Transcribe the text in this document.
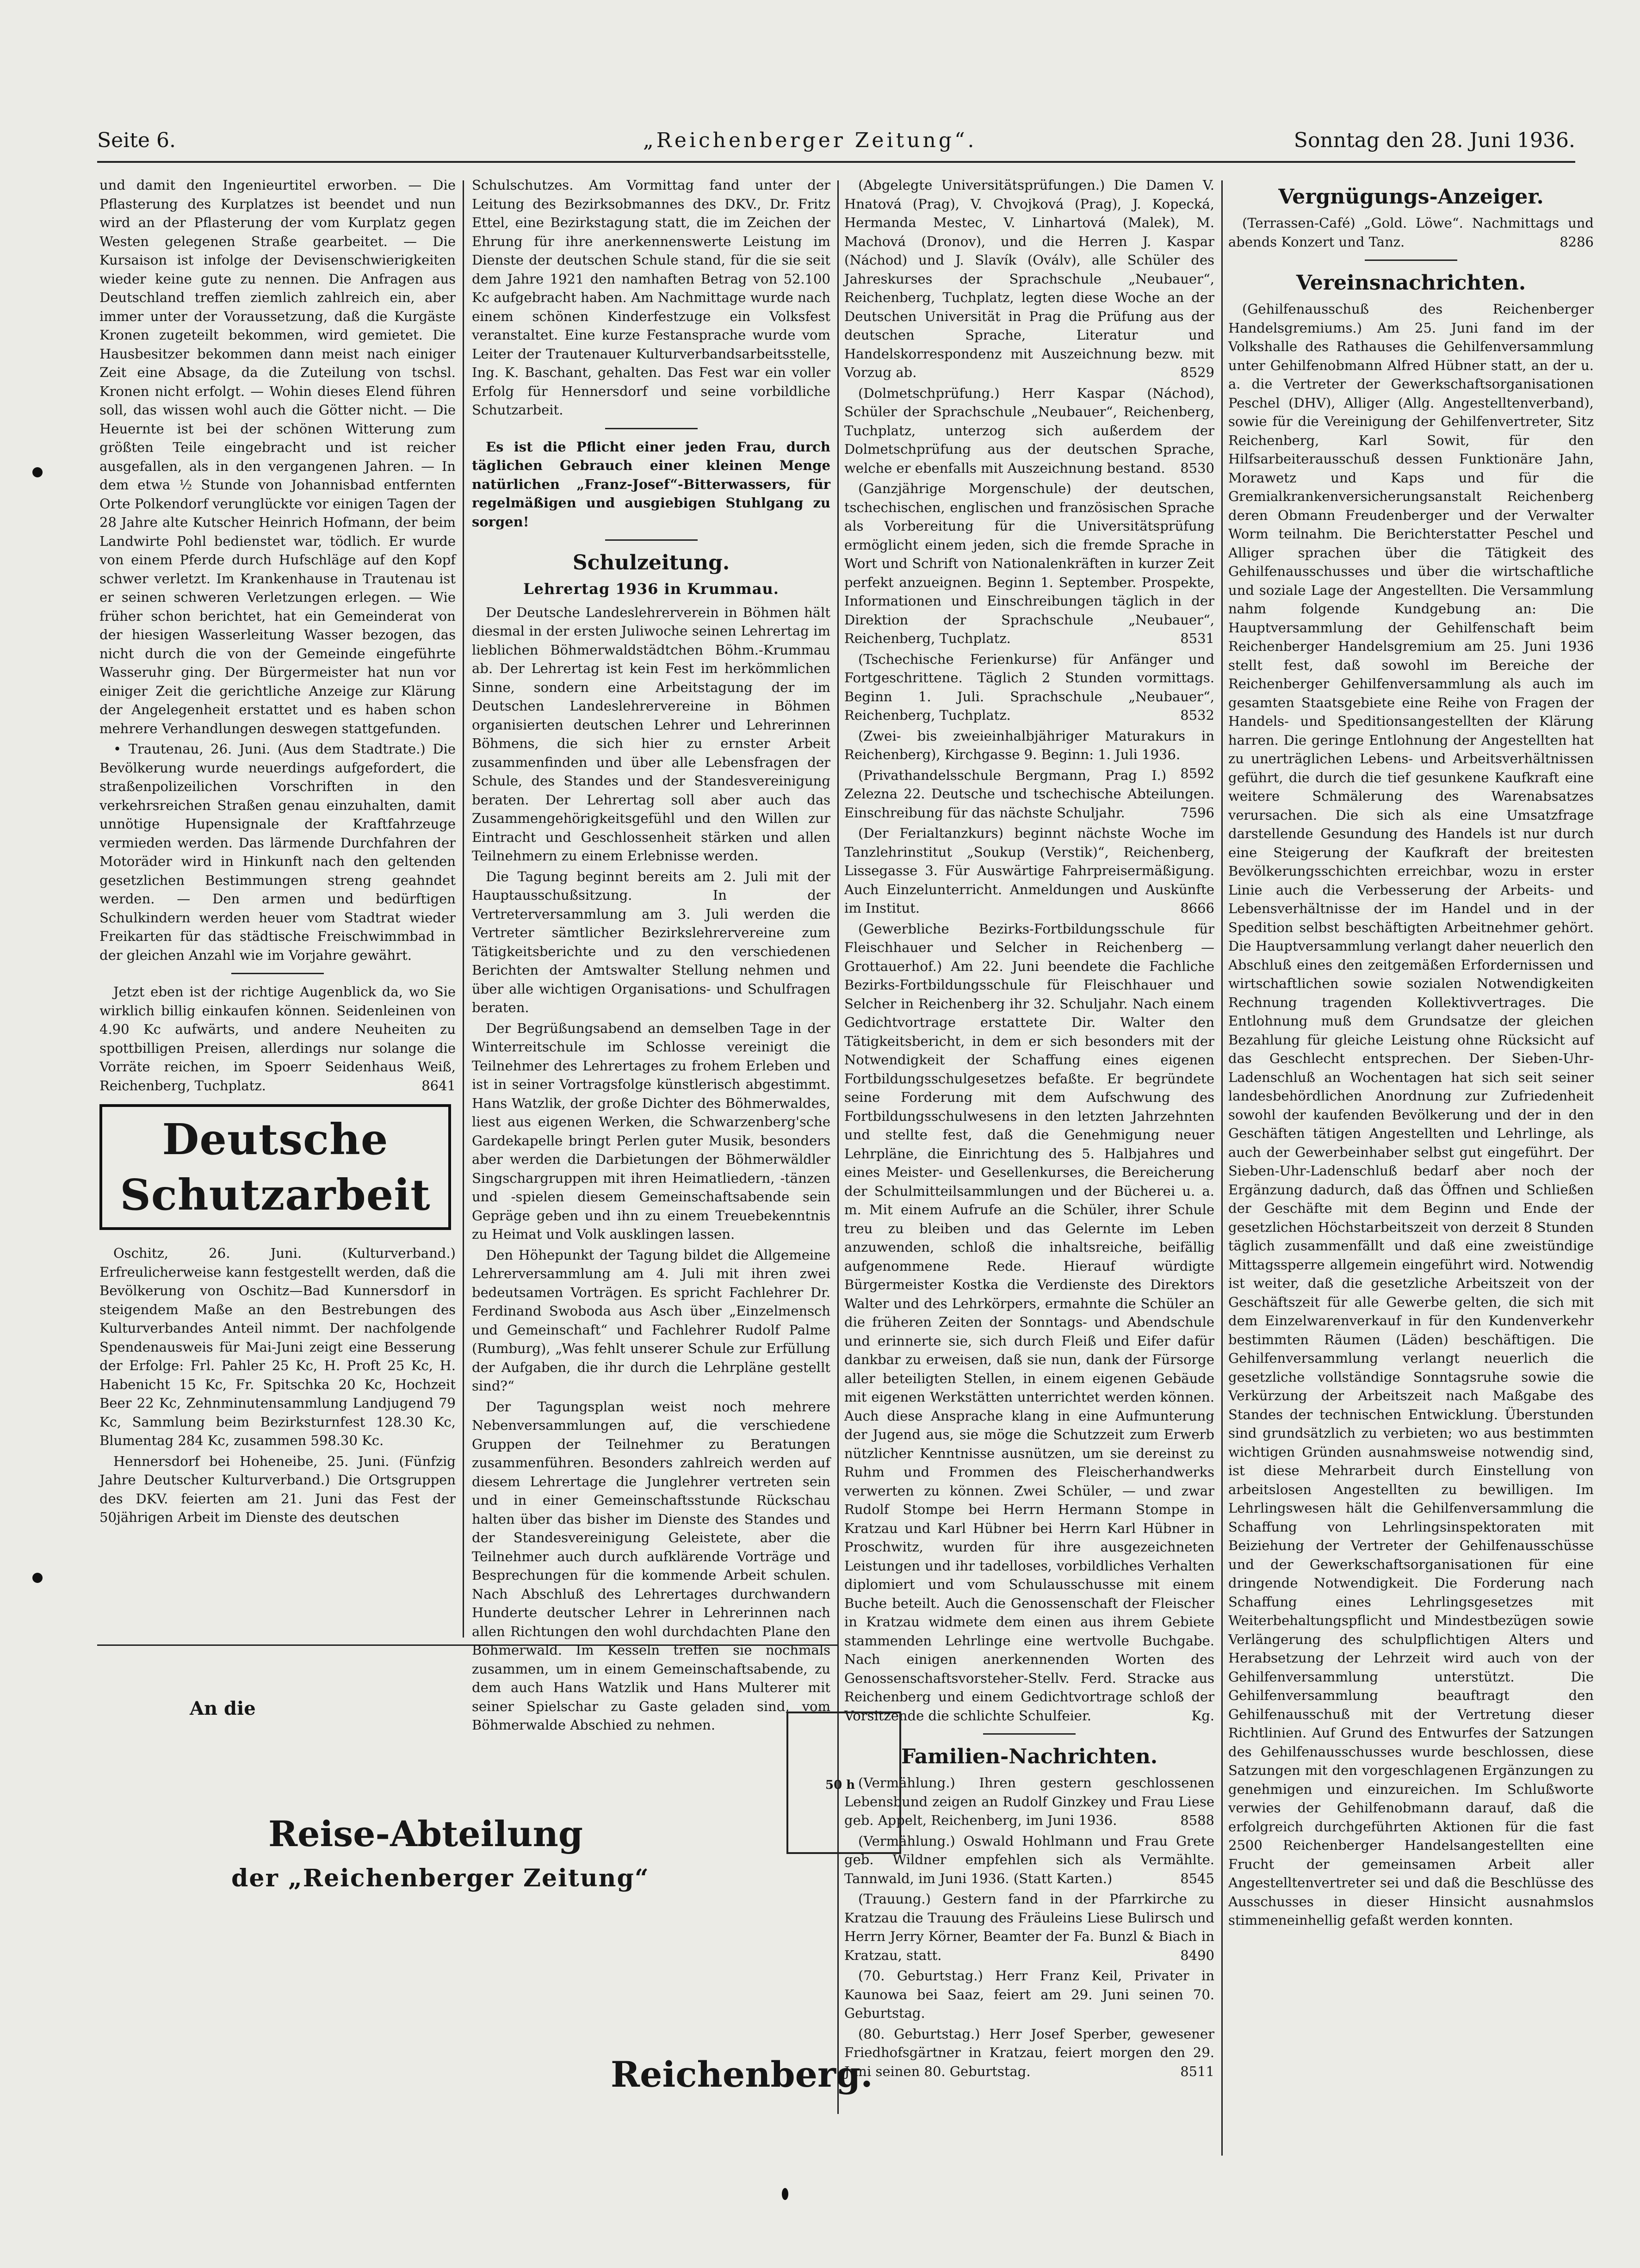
Seite 6.	„Reichenberger Zeitung“.	Sonntag den 28. Juni 1936.

und damit den Ingenieurtitel erworben. — Die Pflasterung des Kurplatzes ist beendet und nun wird an der Pflasterung der vom Kurplatz gegen Westen gelegenen Straße gearbeitet. — Die Kursaison ist infolge der Devisenschwierigkeiten wieder keine gute zu nennen. Die Anfragen aus Deutschland treffen ziemlich zahlreich ein, aber immer unter der Voraussetzung, daß die Kurgäste Kronen zugeteilt bekommen, wird gemietet. Die Hausbesitzer bekommen dann meist nach einiger Zeit eine Absage, da die Zuteilung von tschsl. Kronen nicht erfolgt. — Wohin dieses Elend führen soll, das wissen wohl auch die Götter nicht. — Die Heuernte ist bei der schönen Witterung zum größten Teile eingebracht und ist reicher ausgefallen, als in den vergangenen Jahren. — In dem etwa ½ Stunde von Johannisbad entfernten Orte Polkendorf verunglückte vor einigen Tagen der 28 Jahre alte Kutscher Heinrich Hofmann, der beim Landwirte Pohl bedienstet war, tödlich. Er wurde von einem Pferde durch Hufschläge auf den Kopf schwer verletzt. Im Krankenhause in Trautenau ist er seinen schweren Verletzungen erlegen. — Wie früher schon berichtet, hat ein Gemeinderat von der hiesigen Wasserleitung Wasser bezogen, das nicht durch die von der Gemeinde eingeführte Wasseruhr ging. Der Bürgermeister hat nun vor einiger Zeit die gerichtliche Anzeige zur Klärung der Angelegenheit erstattet und es haben schon mehrere Verhandlungen deswegen stattgefunden.

• Trautenau, 26. Juni. (Aus dem Stadtrate.) Die Bevölkerung wurde neuerdings aufgefordert, die straßenpolizeilichen Vorschriften in den verkehrsreichen Straßen genau einzuhalten, damit unnötige Hupensignale der Kraftfahrzeuge vermieden werden. Das lärmende Durchfahren der Motoräder wird in Hinkunft nach den geltenden gesetzlichen Bestimmungen streng geahndet werden. — Den armen und bedürftigen Schulkindern werden heuer vom Stadtrat wieder Freikarten für das städtische Freischwimmbad in der gleichen Anzahl wie im Vorjahre gewährt.

Jetzt eben ist der richtige Augenblick da, wo Sie wirklich billig einkaufen können. Seidenleinen von 4.90 Kc aufwärts, und andere Neuheiten zu spottbilligen Preisen, allerdings nur solange die Vorräte reichen, im Spoerr Seidenhaus Weiß, Reichenberg, Tuchplatz.	8641

Deutsche Schutzarbeit

Oschitz, 26. Juni. (Kulturverband.) Erfreulicherweise kann festgestellt werden, daß die Bevölkerung von Oschitz—Bad Kunnersdorf in steigendem Maße an den Bestrebungen des Kulturverbandes Anteil nimmt. Der nachfolgende Spendenausweis für Mai-Juni zeigt eine Besserung der Erfolge: Frl. Pahler 25 Kc, H. Proft 25 Kc, H. Habenicht 15 Kc, Fr. Spitschka 20 Kc, Hochzeit Beer 22 Kc, Zehnminutensammlung Landjugend 79 Kc, Sammlung beim Bezirksturnfest 128.30 Kc, Blumentag 284 Kc, zusammen 598.30 Kc.

Hennersdorf bei Hoheneibe, 25. Juni. (Fünfzig Jahre Deutscher Kulturverband.) Die Ortsgruppen des DKV. feierten am 21. Juni das Fest der 50jährigen Arbeit im Dienste des deutschen

Schulschutzes. Am Vormittag fand unter der Leitung des Bezirksobmannes des DKV., Dr. Fritz Ettel, eine Bezirkstagung statt, die im Zeichen der Ehrung für ihre anerkennenswerte Leistung im Dienste der deutschen Schule stand, für die sie seit dem Jahre 1921 den namhaften Betrag von 52.100 Kc aufgebracht haben. Am Nachmittage wurde nach einem schönen Kinderfestzuge ein Volksfest veranstaltet. Eine kurze Festansprache wurde vom Leiter der Trautenauer Kulturverbandsarbeitsstelle, Ing. K. Baschant, gehalten. Das Fest war ein voller Erfolg für Hennersdorf und seine vorbildliche Schutzarbeit.

Es ist die Pflicht einer jeden Frau, durch täglichen Gebrauch einer kleinen Menge natürlichen „Franz-Josef“-Bitterwassers, für regelmäßigen und ausgiebigen Stuhlgang zu sorgen!

Schulzeitung.
Lehrertag 1936 in Krummau.

Der Deutsche Landeslehrerverein in Böhmen hält diesmal in der ersten Juliwoche seinen Lehrertag im lieblichen Böhmerwaldstädtchen Böhm.-Krummau ab. Der Lehrertag ist kein Fest im herkömmlichen Sinne, sondern eine Arbeitstagung der im Deutschen Landeslehrervereine in Böhmen organisierten deutschen Lehrer und Lehrerinnen Böhmens, die sich hier zu ernster Arbeit zusammenfinden und über alle Lebensfragen der Schule, des Standes und der Standesvereinigung beraten. Der Lehrertag soll aber auch das Zusammengehörigkeitsgefühl und den Willen zur Eintracht und Geschlossenheit stärken und allen Teilnehmern zu einem Erlebnisse werden.

Die Tagung beginnt bereits am 2. Juli mit der Hauptausschußsitzung. In der Vertreterversammlung am 3. Juli werden die Vertreter sämtlicher Bezirkslehrervereine zum Tätigkeitsberichte und zu den verschiedenen Berichten der Amtswalter Stellung nehmen und über alle wichtigen Organisations- und Schulfragen beraten.

Der Begrüßungsabend an demselben Tage in der Winterreitschule im Schlosse vereinigt die Teilnehmer des Lehrertages zu frohem Erleben und ist in seiner Vortragsfolge künstlerisch abgestimmt. Hans Watzlik, der große Dichter des Böhmerwaldes, liest aus eigenen Werken, die Schwarzenberg'sche Gardekapelle bringt Perlen guter Musik, besonders aber werden die Darbietungen der Böhmerwäldler Singschargruppen mit ihren Heimatliedern, -tänzen und -spielen diesem Gemeinschaftsabende sein Gepräge geben und ihn zu einem Treuebekenntnis zu Heimat und Volk ausklingen lassen.

Den Höhepunkt der Tagung bildet die Allgemeine Lehrerversammlung am 4. Juli mit ihren zwei bedeutsamen Vorträgen. Es spricht Fachlehrer Dr. Ferdinand Swoboda aus Asch über „Einzelmensch und Gemeinschaft“ und Fachlehrer Rudolf Palme (Rumburg), „Was fehlt unserer Schule zur Erfüllung der Aufgaben, die ihr durch die Lehrpläne gestellt sind?“

Der Tagungsplan weist noch mehrere Nebenversammlungen auf, die verschiedene Gruppen der Teilnehmer zu Beratungen zusammenführen. Besonders zahlreich werden auf diesem Lehrertage die Junglehrer vertreten sein und in einer Gemeinschaftsstunde Rückschau halten über das bisher im Dienste des Standes und der Standesvereinigung Geleistete, aber die Teilnehmer auch durch aufklärende Vorträge und Besprechungen für die kommende Arbeit schulen. Nach Abschluß des Lehrertages durchwandern Hunderte deutscher Lehrer in Lehrerinnen nach allen Richtungen den wohl durchdachten Plane den Böhmerwald. Im Kesseln treffen sie nochmals zusammen, um in einem Gemeinschaftsabende, zu dem auch Hans Watzlik und Hans Multerer mit seiner Spielschar zu Gaste geladen sind, vom Böhmerwalde Abschied zu nehmen.

(Abgelegte Universitätsprüfungen.) Die Damen V. Hnatová (Prag), V. Chvojková (Prag), J. Kopecká, Hermanda Mestec, V. Linhartová (Malek), M. Machová (Dronov), und die Herren J. Kaspar (Náchod) und J. Slavík (Oválv), alle Schüler des Jahreskurses der Sprachschule „Neubauer“, Reichenberg, Tuchplatz, legten diese Woche an der Deutschen Universität in Prag die Prüfung aus der deutschen Sprache, Literatur und Handelskorrespondenz mit Auszeichnung bezw. mit Vorzug ab.	8529

(Dolmetschprüfung.) Herr Kaspar (Náchod), Schüler der Sprachschule „Neubauer“, Reichenberg, Tuchplatz, unterzog sich außerdem der Dolmetschprüfung aus der deutschen Sprache, welche er ebenfalls mit Auszeichnung bestand.	8530

(Ganzjährige Morgenschule) der deutschen, tschechischen, englischen und französischen Sprache als Vorbereitung für die Universitätsprüfung ermöglicht einem jeden, sich die fremde Sprache in Wort und Schrift von Nationalenkräften in kurzer Zeit perfekt anzueignen. Beginn 1. September. Prospekte, Informationen und Einschreibungen täglich in der Direktion der Sprachschule „Neubauer“, Reichenberg, Tuchplatz.	8531

(Tschechische Ferienkurse) für Anfänger und Fortgeschrittene. Täglich 2 Stunden vormittags. Beginn 1. Juli. Sprachschule „Neubauer“, Reichenberg, Tuchplatz.	8532

(Zwei- bis zweieinhalbjähriger Maturakurs in Reichenberg), Kirchgasse 9. Beginn: 1. Juli 1936.
8592

(Privathandelsschule Bergmann, Prag I.) Zelezna 22. Deutsche und tschechische Abteilungen. Einschreibung für das nächste Schuljahr.	7596

(Der Ferialtanzkurs) beginnt nächste Woche im Tanzlehrinstitut „Soukup (Verstik)“, Reichenberg, Lissegasse 3. Für Auswärtige Fahrpreisermäßigung. Auch Einzelunterricht. Anmeldungen und Auskünfte im Institut.	8666

(Gewerbliche Bezirks-Fortbildungsschule für Fleischhauer und Selcher in Reichenberg — Grottauerhof.) Am 22. Juni beendete die Fachliche Bezirks-Fortbildungsschule für Fleischhauer und Selcher in Reichenberg ihr 32. Schuljahr. Nach einem Gedichtvortrage erstattete Dir. Walter den Tätigkeitsbericht, in dem er sich besonders mit der Notwendigkeit der Schaffung eines eigenen Fortbildungsschulgesetzes befaßte. Er begründete seine Forderung mit dem Aufschwung des Fortbildungsschulwesens in den letzten Jahrzehnten und stellte fest, daß die Genehmigung neuer Lehrpläne, die Einrichtung des 5. Halbjahres und eines Meister- und Gesellenkurses, die Bereicherung der Schulmitteilsammlungen und der Bücherei u. a. m. Mit einem Aufrufe an die Schüler, ihrer Schule treu zu bleiben und das Gelernte im Leben anzuwenden, schloß die inhaltsreiche, beifällig aufgenommene Rede. Hierauf würdigte Bürgermeister Kostka die Verdienste des Direktors Walter und des Lehrkörpers, ermahnte die Schüler an die früheren Zeiten der Sonntags- und Abendschule und erinnerte sie, sich durch Fleiß und Eifer dafür dankbar zu erweisen, daß sie nun, dank der Fürsorge aller beteiligten Stellen, in einem eigenen Gebäude mit eigenen Werkstätten unterrichtet werden können. Auch diese Ansprache klang in eine Aufmunterung der Jugend aus, sie möge die Schutzzeit zum Erwerb nützlicher Kenntnisse ausnützen, um sie dereinst zu Ruhm und Frommen des Fleischerhandwerks verwerten zu können. Zwei Schüler, — und zwar Rudolf Stompe bei Herrn Hermann Stompe in Kratzau und Karl Hübner bei Herrn Karl Hübner in Proschwitz, wurden für ihre ausgezeichneten Leistungen und ihr tadelloses, vorbildliches Verhalten diplomiert und vom Schulausschusse mit einem Buche beteilt. Auch die Genossenschaft der Fleischer in Kratzau widmete dem einen aus ihrem Gebiete stammenden Lehrlinge eine wertvolle Buchgabe. Nach einigen anerkennenden Worten des Genossenschaftsvorsteher-Stellv. Ferd. Stracke aus Reichenberg und einem Gedichtvortrage schloß der Vorsitzende die schlichte Schulfeier.	Kg.

Familien-Nachrichten.

(Vermählung.) Ihren gestern geschlossenen Lebensbund zeigen an Rudolf Ginzkey und Frau Liese geb. Appelt, Reichenberg, im Juni 1936.	8588

(Vermählung.) Oswald Hohlmann und Frau Grete geb. Wildner empfehlen sich als Vermählte. Tannwald, im Juni 1936. (Statt Karten.)	8545

(Trauung.) Gestern fand in der Pfarrkirche zu Kratzau die Trauung des Fräuleins Liese Bulirsch und Herrn Jerry Körner, Beamter der Fa. Bunzl & Biach in Kratzau, statt.	8490

(70. Geburtstag.) Herr Franz Keil, Privater in Kaunowa bei Saaz, feiert am 29. Juni seinen 70. Geburtstag.

(80. Geburtstag.) Herr Josef Sperber, gewesener Friedhofsgärtner in Kratzau, feiert morgen den 29. Juni seinen 80. Geburtstag.	8511

Vergnügungs-Anzeiger.

(Terrassen-Café) „Gold. Löwe“. Nachmittags und abends Konzert und Tanz.	8286

Vereinsnachrichten.

(Gehilfenausschuß des Reichenberger Handelsgremiums.) Am 25. Juni fand im der Volkshalle des Rathauses die Gehilfenversammlung unter Gehilfenobmann Alfred Hübner statt, an der u. a. die Vertreter der Gewerkschaftsorganisationen Peschel (DHV), Alliger (Allg. Angestelltenverband), sowie für die Vereinigung der Gehilfenvertreter, Sitz Reichenberg, Karl Sowit, für den Hilfsarbeiterausschuß dessen Funktionäre Jahn, Morawetz und Kaps und für die Gremialkrankenversicherungsanstalt Reichenberg deren Obmann Freudenberger und der Verwalter Worm teilnahm. Die Berichterstatter Peschel und Alliger sprachen über die Tätigkeit des Gehilfenausschusses und über die wirtschaftliche und soziale Lage der Angestellten. Die Versammlung nahm folgende Kundgebung an: Die Hauptversammlung der Gehilfenschaft beim Reichenberger Handelsgremium am 25. Juni 1936 stellt fest, daß sowohl im Bereiche der Reichenberger Gehilfenversammlung als auch im gesamten Staatsgebiete eine Reihe von Fragen der Handels- und Speditionsangestellten der Klärung harren. Die geringe Entlohnung der Angestellten hat zu unerträglichen Lebens- und Arbeitsverhältnissen geführt, die durch die tief gesunkene Kaufkraft eine weitere Schmälerung des Warenabsatzes verursachen. Die sich als eine Umsatzfrage darstellende Gesundung des Handels ist nur durch eine Steigerung der Kaufkraft der breitesten Bevölkerungsschichten erreichbar, wozu in erster Linie auch die Verbesserung der Arbeits- und Lebensverhältnisse der im Handel und in der Spedition selbst beschäftigten Arbeitnehmer gehört. Die Hauptversammlung verlangt daher neuerlich den Abschluß eines den zeitgemäßen Erfordernissen und wirtschaftlichen sowie sozialen Notwendigkeiten Rechnung tragenden Kollektivvertrages. Die Entlohnung muß dem Grundsatze der gleichen Bezahlung für gleiche Leistung ohne Rücksicht auf das Geschlecht entsprechen. Der Sieben-Uhr-Ladenschluß an Wochentagen hat sich seit seiner landesbehördlichen Anordnung zur Zufriedenheit sowohl der kaufenden Bevölkerung und der in den Geschäften tätigen Angestellten und Lehrlinge, als auch der Gewerbeinhaber selbst gut eingeführt. Der Sieben-Uhr-Ladenschluß bedarf aber noch der Ergänzung dadurch, daß das Öffnen und Schließen der Geschäfte mit dem Beginn und Ende der gesetzlichen Höchstarbeitszeit von derzeit 8 Stunden täglich zusammenfällt und daß eine zweistündige Mittagssperre allgemein eingeführt wird. Notwendig ist weiter, daß die gesetzliche Arbeitszeit von der Geschäftszeit für alle Gewerbe gelten, die sich mit dem Einzelwarenverkauf in für den Kundenverkehr bestimmten Räumen (Läden) beschäftigen. Die Gehilfenversammlung verlangt neuerlich die gesetzliche vollständige Sonntagsruhe sowie die Verkürzung der Arbeitszeit nach Maßgabe des Standes der technischen Entwicklung. Überstunden sind grundsätzlich zu verbieten; wo aus bestimmten wichtigen Gründen ausnahmsweise notwendig sind, ist diese Mehrarbeit durch Einstellung von arbeitslosen Angestellten zu bewilligen. Im Lehrlingswesen hält die Gehilfenversammlung die Schaffung von Lehrlingsinspektoraten mit Beiziehung der Vertreter der Gehilfenausschüsse und der Gewerkschaftsorganisationen für eine dringende Notwendigkeit. Die Forderung nach Schaffung eines Lehrlingsgesetzes mit Weiterbehaltungspflicht und Mindestbezügen sowie Verlängerung des schulpflichtigen Alters und Herabsetzung der Lehrzeit wird auch von der Gehilfenversammlung unterstützt. Die Gehilfenversammlung beauftragt den Gehilfenausschuß mit der Vertretung dieser Richtlinien. Auf Grund des Entwurfes der Satzungen des Gehilfenausschusses wurde beschlossen, diese Satzungen mit den vorgeschlagenen Ergänzungen zu genehmigen und einzureichen. Im Schlußworte verwies der Gehilfenobmann darauf, daß die erfolgreich durchgeführten Aktionen für die fast 2500 Reichenberger Handelsangestellten eine Frucht der gemeinsamen Arbeit aller Angestelltenvertreter sei und daß die Beschlüsse des Ausschusses in dieser Hinsicht ausnahmslos stimmeneinhellig gefaßt werden konnten.

An die
Reise-Abteilung
der „Reichenberger Zeitung“
Reichenberg.
50 h
